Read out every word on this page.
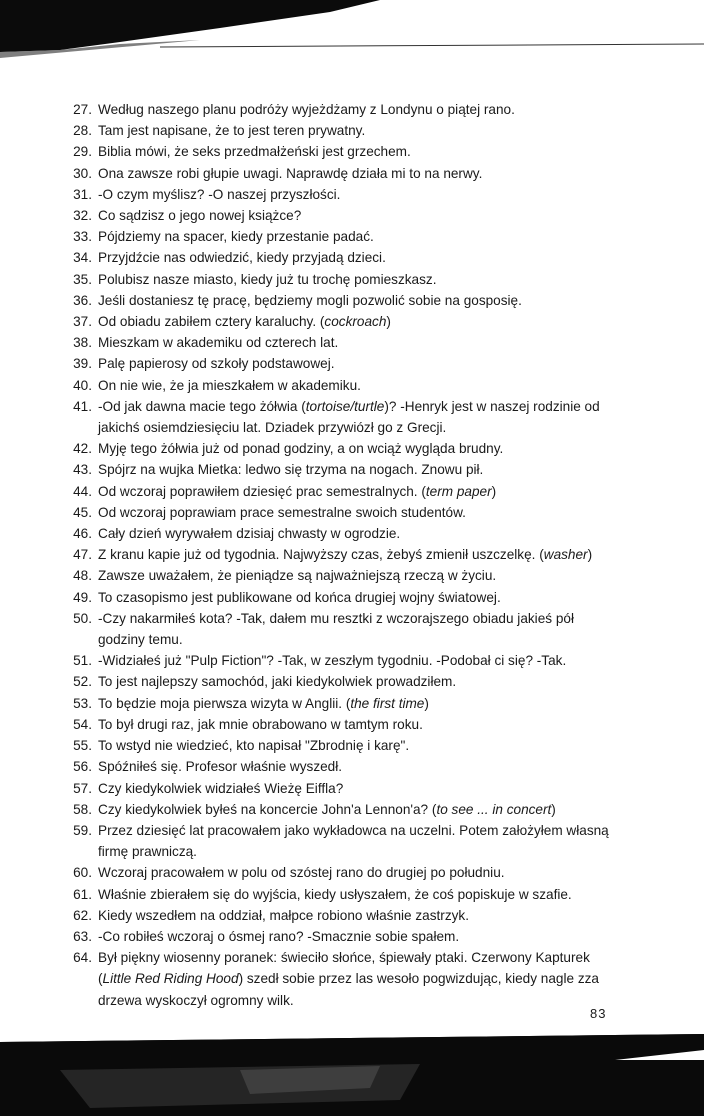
27. Według naszego planu podróży wyjeżdżamy z Londynu o piątej rano.
28. Tam jest napisane, że to jest teren prywatny.
29. Biblia mówi, że seks przedmałżeński jest grzechem.
30. Ona zawsze robi głupie uwagi. Naprawdę działa mi to na nerwy.
31. -O czym myślisz? -O naszej przyszłości.
32. Co sądzisz o jego nowej książce?
33. Pójdziemy na spacer, kiedy przestanie padać.
34. Przyjdźcie nas odwiedzić, kiedy przyjadą dzieci.
35. Polubisz nasze miasto, kiedy już tu trochę pomieszkasz.
36. Jeśli dostaniesz tę pracę, będziemy mogli pozwolić sobie na gosposię.
37. Od obiadu zabiłem cztery karaluchy. (cockroach)
38. Mieszkam w akademiku od czterech lat.
39. Palę papierosy od szkoły podstawowej.
40. On nie wie, że ja mieszkałem w akademiku.
41. -Od jak dawna macie tego żółwia (tortoise/turtle)? -Henryk jest w naszej rodzinie od jakichś osiemdziesięciu lat. Dziadek przywiózł go z Grecji.
42. Myję tego żółwia już od ponad godziny, a on wciąż wygląda brudny.
43. Spójrz na wujka Mietka: ledwo się trzyma na nogach. Znowu pił.
44. Od wczoraj poprawiłem dziesięć prac semestralnych. (term paper)
45. Od wczoraj poprawiam prace semestralne swoich studentów.
46. Cały dzień wyrywałem dzisiaj chwasty w ogrodzie.
47. Z kranu kapie już od tygodnia. Najwyższy czas, żebyś zmienił uszczelkę. (washer)
48. Zawsze uważałem, że pieniądze są najważniejszą rzeczą w życiu.
49. To czasopismo jest publikowane od końca drugiej wojny światowej.
50. -Czy nakarmiłeś kota? -Tak, dałem mu resztki z wczorajszego obiadu jakieś pół godziny temu.
51. -Widziałeś już "Pulp Fiction"? -Tak, w zeszłym tygodniu. -Podobał ci się? -Tak.
52. To jest najlepszy samochód, jaki kiedykolwiek prowadziłem.
53. To będzie moja pierwsza wizyta w Anglii. (the first time)
54. To był drugi raz, jak mnie obrabowano w tamtym roku.
55. To wstyd nie wiedzieć, kto napisał "Zbrodnię i karę".
56. Spóźniłeś się. Profesor właśnie wyszedł.
57. Czy kiedykolwiek widziałeś Wieżę Eiffla?
58. Czy kiedykolwiek byłeś na koncercie John'a Lennon'a? (to see ... in concert)
59. Przez dziesięć lat pracowałem jako wykładowca na uczelni. Potem założyłem własną firmę prawniczą.
60. Wczoraj pracowałem w polu od szóstej rano do drugiej po południu.
61. Właśnie zbierałem się do wyjścia, kiedy usłyszałem, że coś popiskuje w szafie.
62. Kiedy wszedłem na oddział, małpce robiono właśnie zastrzyk.
63. -Co robiłeś wczoraj o ósmej rano? -Smacznie sobie spałem.
64. Był piękny wiosenny poranek: świeciło słońce, śpiewały ptaki. Czerwony Kapturek (Little Red Riding Hood) szedł sobie przez las wesoło pogwizdując, kiedy nagle zza drzewa wyskoczył ogromny wilk.
83
